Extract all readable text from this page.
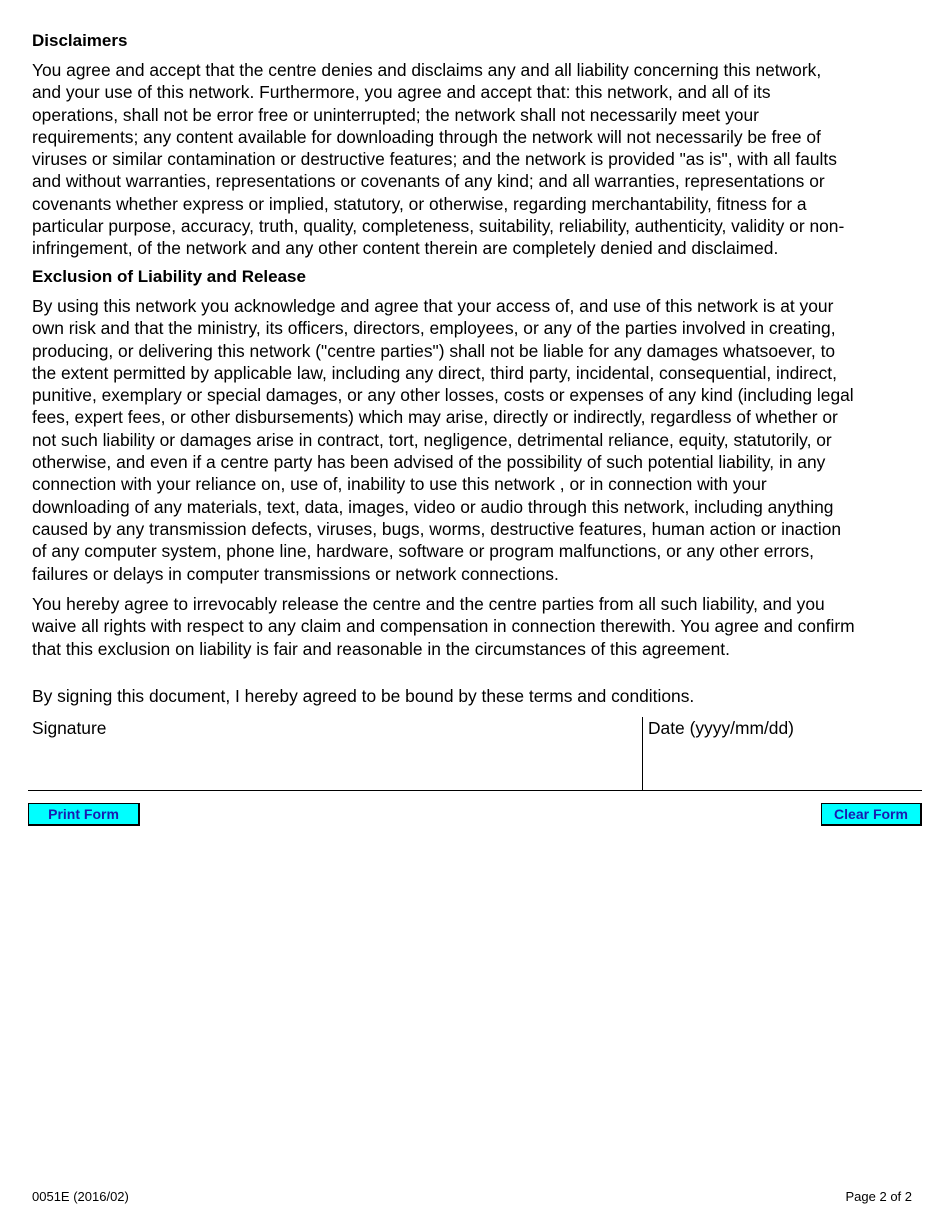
Disclaimers

You agree and accept that the centre denies and disclaims any and all liability concerning this network,
and your use of this network. Furthermore, you agree and accept that: this network, and all of its
operations, shall not be error free or uninterrupted; the network shall not necessarily meet your
requirements; any content available for downloading through the network will not necessarily be free of
viruses or similar contamination or destructive features; and the network is provided "as is", with all faults
and without warranties, representations or covenants of any kind; and all warranties, representations or
covenants whether express or implied, statutory, or otherwise, regarding merchantability, fitness for a
particular purpose, accuracy, truth, quality, completeness, suitability, reliability, authenticity, validity or non-
infringement, of the network and any other content therein are completely denied and disclaimed.

Exclusion of Liability and Release

By using this network you acknowledge and agree that your access of, and use of this network is at your
own risk and that the ministry, its officers, directors, employees, or any of the parties involved in creating,
producing, or delivering this network ("centre parties") shall not be liable for any damages whatsoever, to
the extent permitted by applicable law, including any direct, third party, incidental, consequential, indirect,
punitive, exemplary or special damages, or any other losses, costs or expenses of any kind (including legal
fees, expert fees, or other disbursements) which may arise, directly or indirectly, regardless of whether or
not such liability or damages arise in contract, tort, negligence, detrimental reliance, equity, statutorily, or
otherwise, and even if a centre party has been advised of the possibility of such potential liability, in any
connection with your reliance on, use of, inability to use this network , or in connection with your
downloading of any materials, text, data, images, video or audio through this network, including anything
caused by any transmission defects, viruses, bugs, worms, destructive features, human action or inaction
of any computer system, phone line, hardware, software or program malfunctions, or any other errors,
failures or delays in computer transmissions or network connections.

You hereby agree to irrevocably release the centre and the centre parties from all such liability, and you
waive all rights with respect to any claim and compensation in connection therewith. You agree and confirm
that this exclusion on liability is fair and reasonable in the circumstances of this agreement.

By signing this document, I hereby agreed to be bound by these terms and conditions.

Signature	Date (yyyy/mm/dd)
Print Form	Clear Form
0051E (2016/02)	Page 2 of 2
